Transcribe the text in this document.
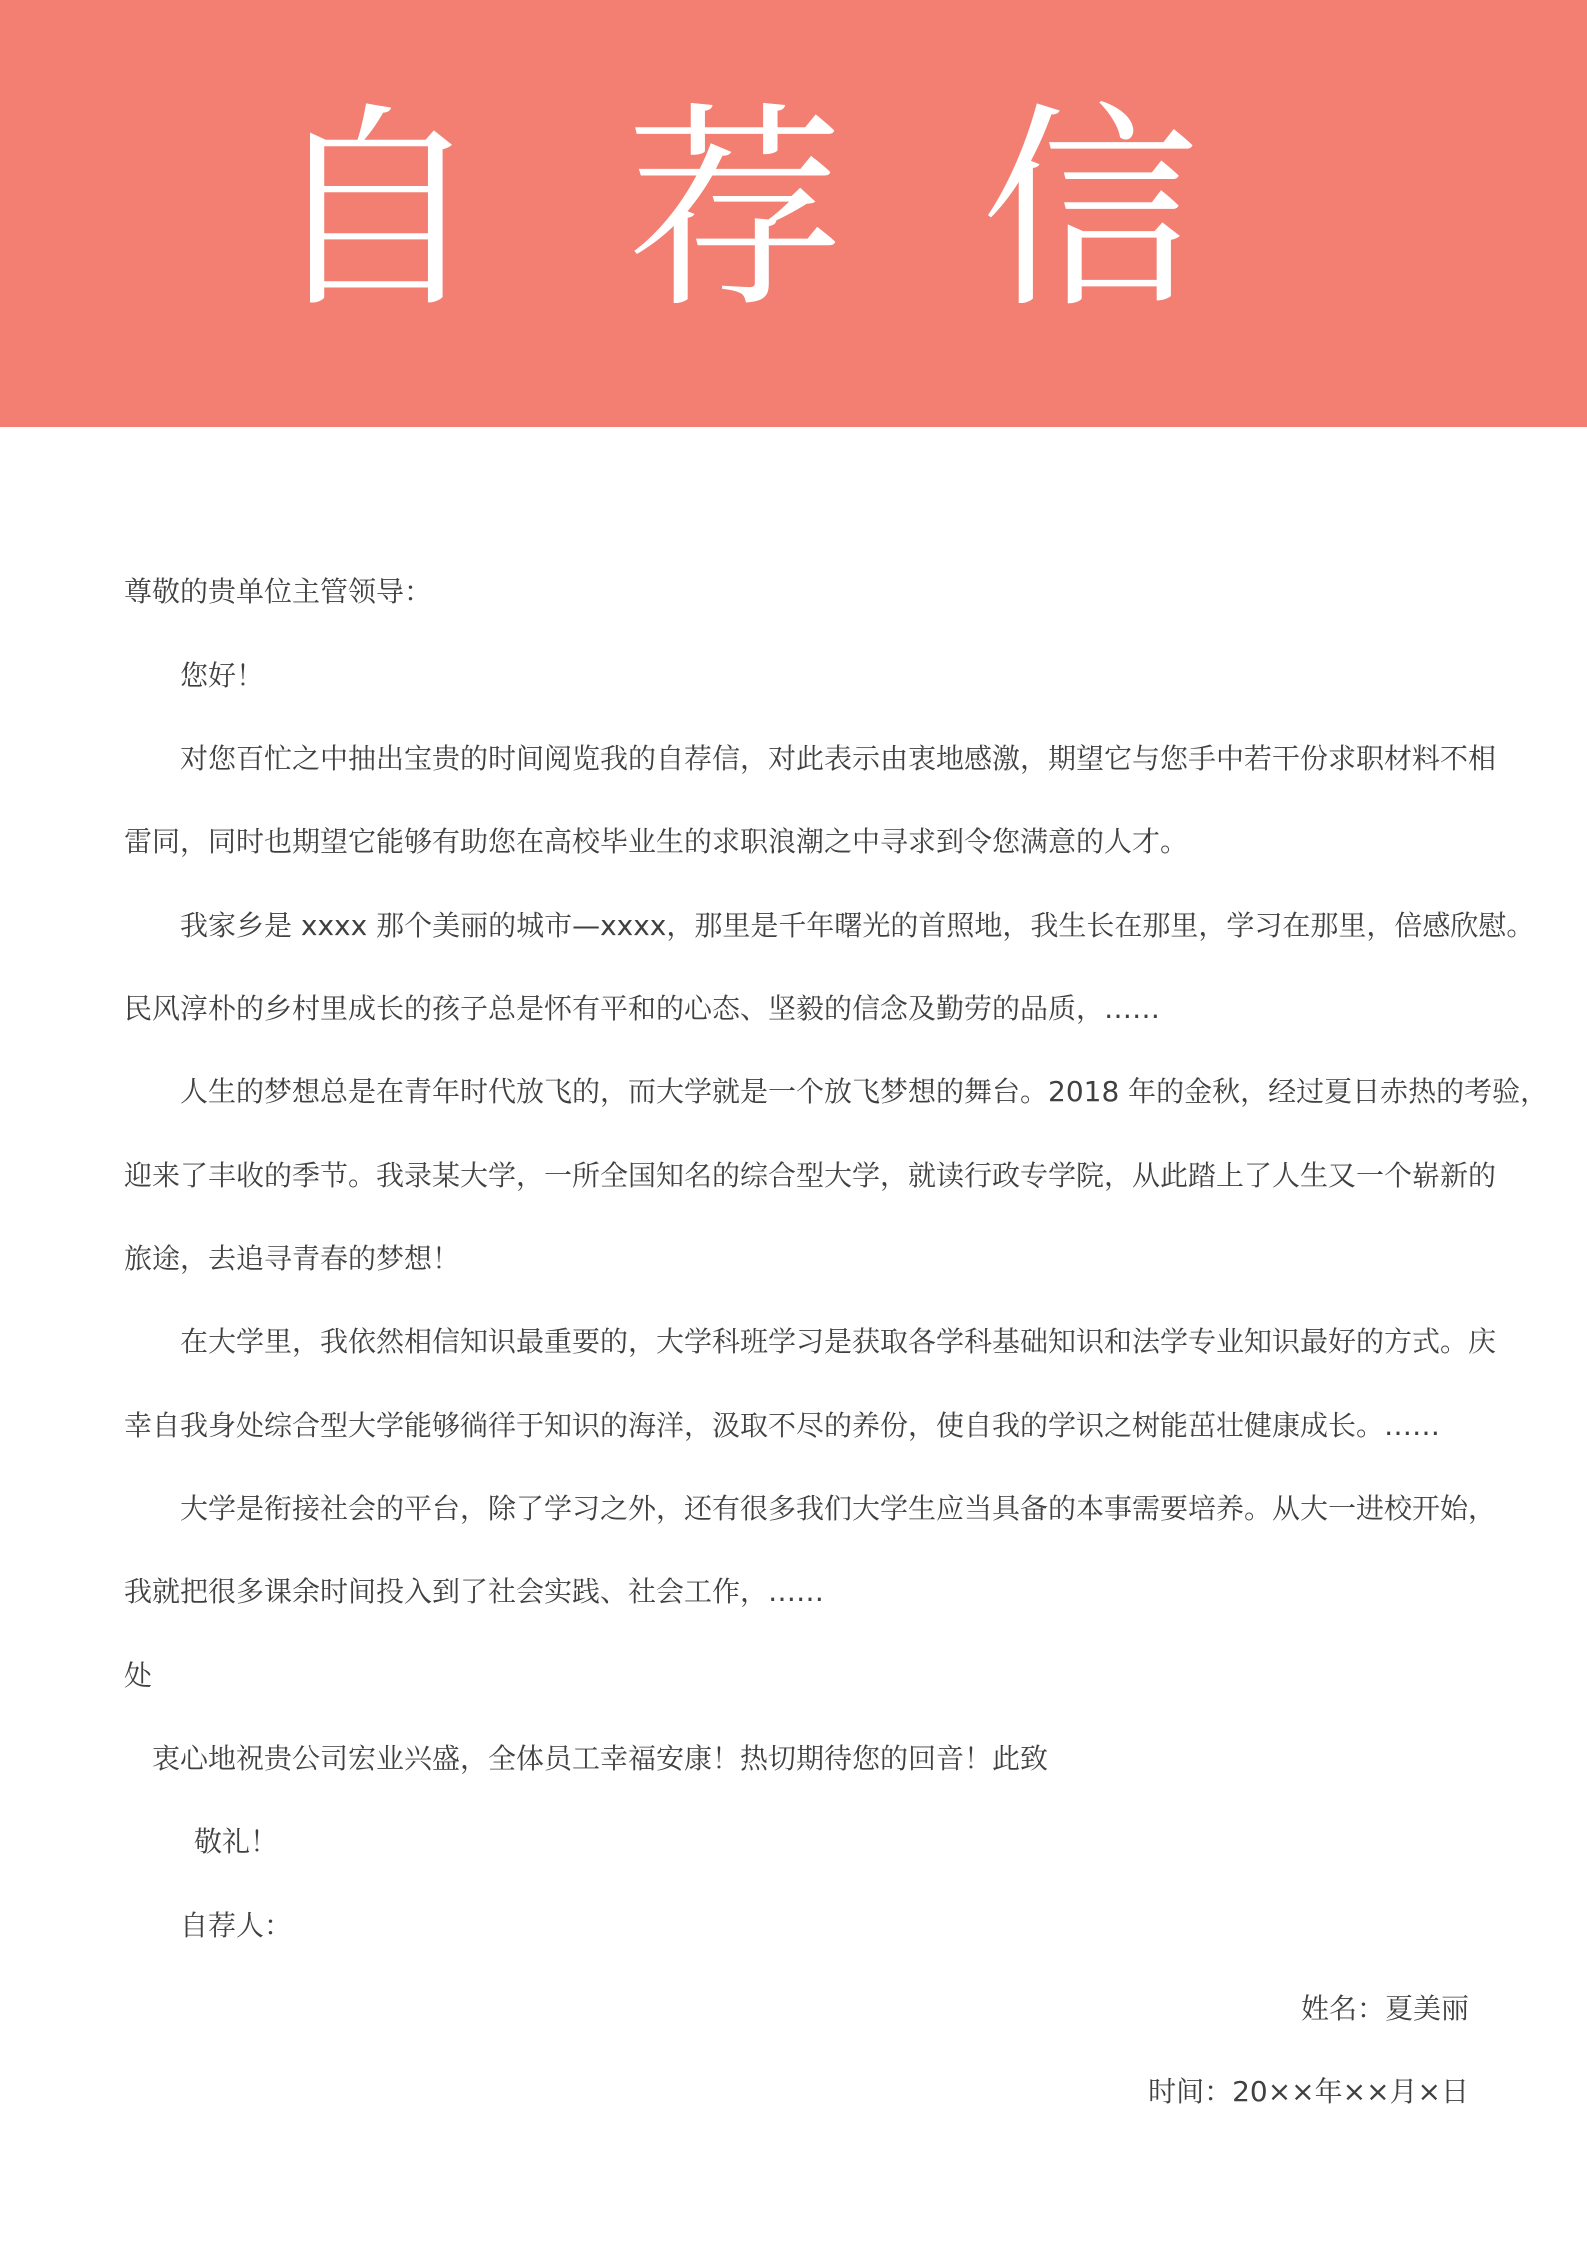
自 荐 信

尊敬的贵单位主管领导：

您好！

对您百忙之中抽出宝贵的时间阅览我的自荐信，对此表示由衷地感激，期望它与您手中若干份求职材料不相

雷同，同时也期望它能够有助您在高校毕业生的求职浪潮之中寻求到令您满意的人才。

我家乡是 xxxx 那个美丽的城市—xxxx，那里是千年曙光的首照地，我生长在那里，学习在那里，倍感欣慰。

民风淳朴的乡村里成长的孩子总是怀有平和的心态、坚毅的信念及勤劳的品质，……

人生的梦想总是在青年时代放飞的，而大学就是一个放飞梦想的舞台。2018 年的金秋，经过夏日赤热的考验，

迎来了丰收的季节。我录某大学，一所全国知名的综合型大学，就读行政专学院，从此踏上了人生又一个崭新的

旅途，去追寻青春的梦想！

在大学里，我依然相信知识最重要的，大学科班学习是获取各学科基础知识和法学专业知识最好的方式。庆

幸自我身处综合型大学能够徜徉于知识的海洋，汲取不尽的养份，使自我的学识之树能茁壮健康成长。……

大学是衔接社会的平台，除了学习之外，还有很多我们大学生应当具备的本事需要培养。从大一进校开始，

我就把很多课余时间投入到了社会实践、社会工作，……

处

衷心地祝贵公司宏业兴盛，全体员工幸福安康！热切期待您的回音！此致

敬礼！

自荐人：

姓名：夏美丽

时间：20××年××月×日
